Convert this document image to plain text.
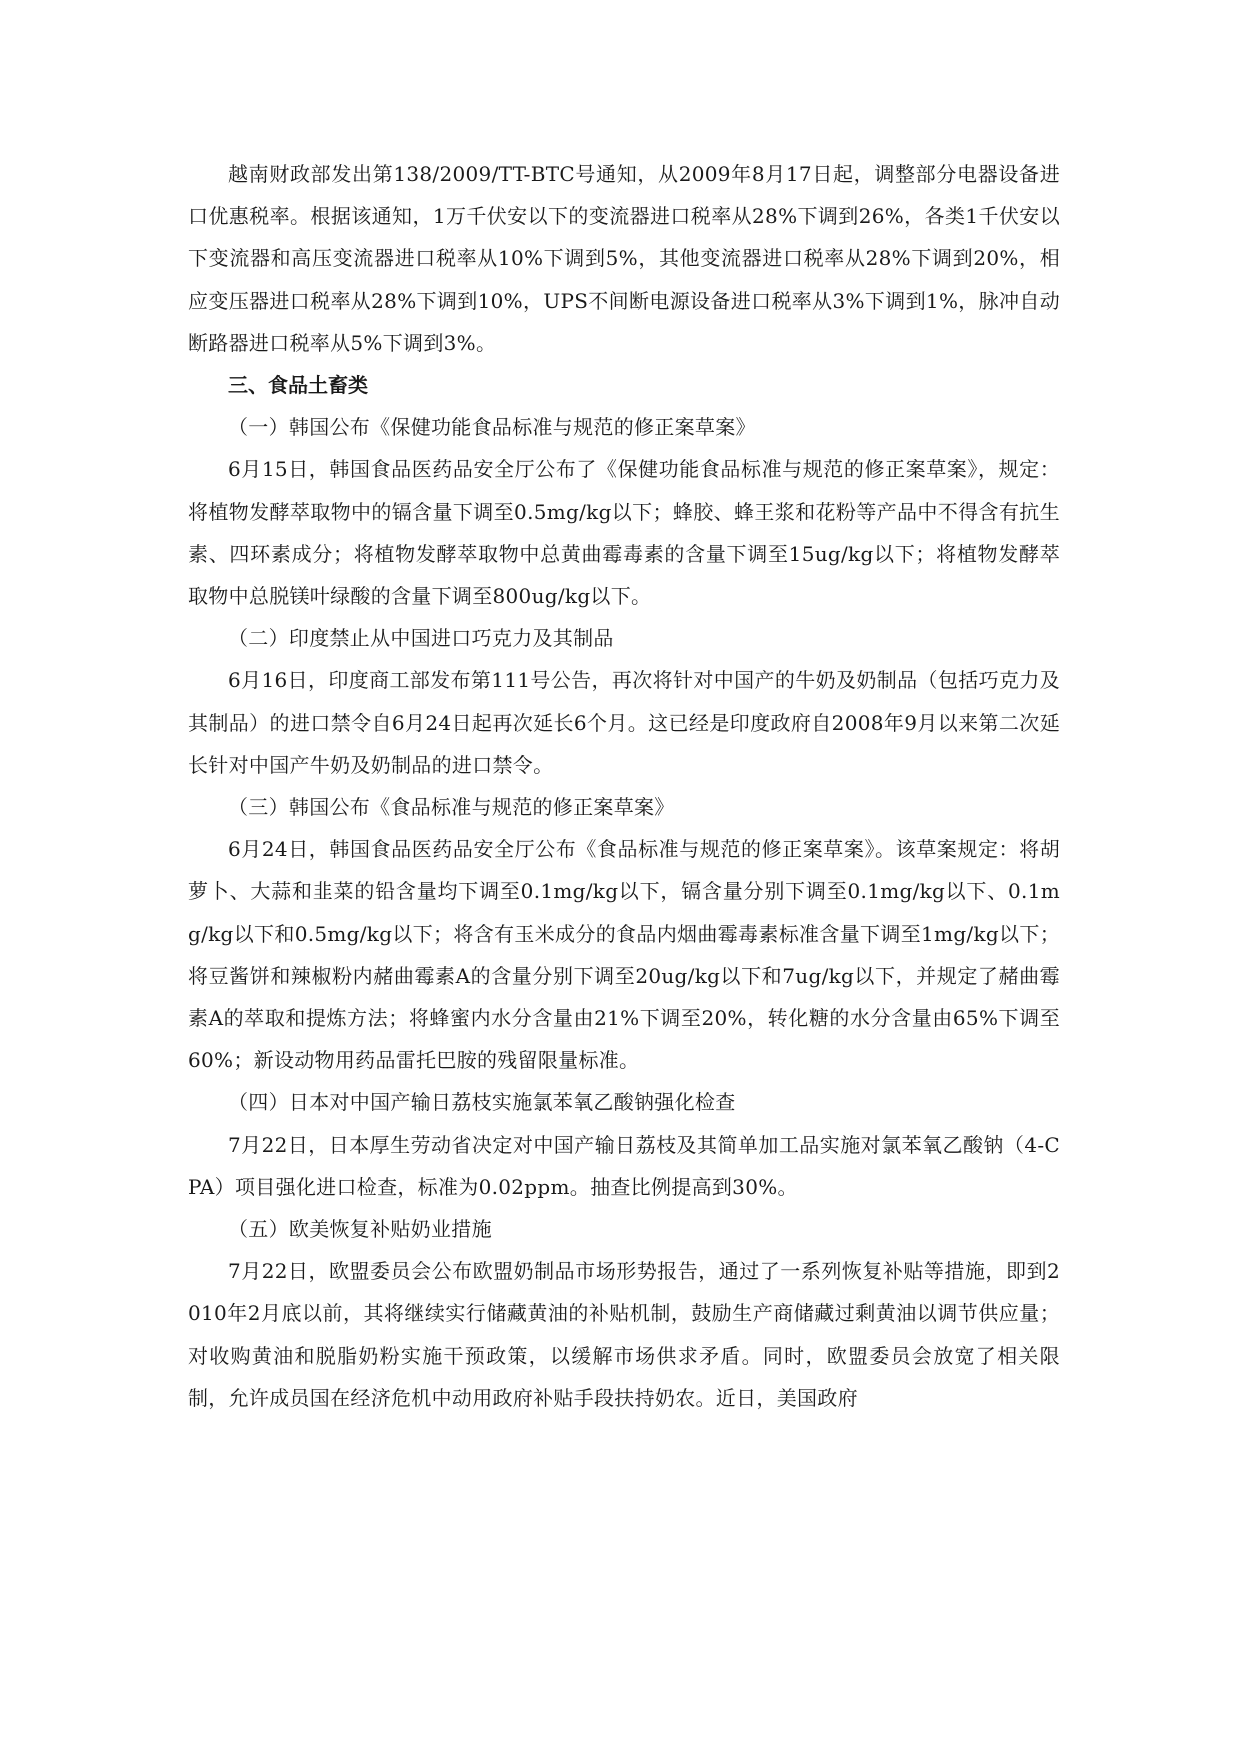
越南财政部发出第138/2009/TT-BTC号通知，从2009年8月17日起，调整部分电器设备进口优惠税率。根据该通知，1万千伏安以下的变流器进口税率从28%下调到26%，各类1千伏安以下变流器和高压变流器进口税率从10%下调到5%，其他变流器进口税率从28%下调到20%，相应变压器进口税率从28%下调到10%，UPS不间断电源设备进口税率从3%下调到1%，脉冲自动断路器进口税率从5%下调到3%。

三、食品土畜类

（一）韩国公布《保健功能食品标准与规范的修正案草案》

6月15日，韩国食品医药品安全厅公布了《保健功能食品标准与规范的修正案草案》，规定：将植物发酵萃取物中的镉含量下调至0.5mg/kg以下；蜂胶、蜂王浆和花粉等产品中不得含有抗生素、四环素成分；将植物发酵萃取物中总黄曲霉毒素的含量下调至15ug/kg以下；将植物发酵萃取物中总脱镁叶绿酸的含量下调至800ug/kg以下。

（二）印度禁止从中国进口巧克力及其制品

6月16日，印度商工部发布第111号公告，再次将针对中国产的牛奶及奶制品（包括巧克力及其制品）的进口禁令自6月24日起再次延长6个月。这已经是印度政府自2008年9月以来第二次延长针对中国产牛奶及奶制品的进口禁令。

（三）韩国公布《食品标准与规范的修正案草案》

6月24日，韩国食品医药品安全厅公布《食品标准与规范的修正案草案》。该草案规定：将胡萝卜、大蒜和韭菜的铅含量均下调至0.1mg/kg以下，镉含量分别下调至0.1mg/kg以下、0.1mg/kg以下和0.5mg/kg以下；将含有玉米成分的食品内烟曲霉毒素标准含量下调至1mg/kg以下；将豆酱饼和辣椒粉内赭曲霉素A的含量分别下调至20ug/kg以下和7ug/kg以下，并规定了赭曲霉素A的萃取和提炼方法；将蜂蜜内水分含量由21%下调至20%，转化糖的水分含量由65%下调至60%；新设动物用药品雷托巴胺的残留限量标准。

（四）日本对中国产输日荔枝实施氯苯氧乙酸钠强化检查

7月22日，日本厚生劳动省决定对中国产输日荔枝及其简单加工品实施对氯苯氧乙酸钠（4-CPA）项目强化进口检查，标准为0.02ppm。抽查比例提高到30%。

（五）欧美恢复补贴奶业措施

7月22日，欧盟委员会公布欧盟奶制品市场形势报告，通过了一系列恢复补贴等措施，即到2010年2月底以前，其将继续实行储藏黄油的补贴机制，鼓励生产商储藏过剩黄油以调节供应量；对收购黄油和脱脂奶粉实施干预政策，以缓解市场供求矛盾。同时，欧盟委员会放宽了相关限制，允许成员国在经济危机中动用政府补贴手段扶持奶农。近日，美国政府
